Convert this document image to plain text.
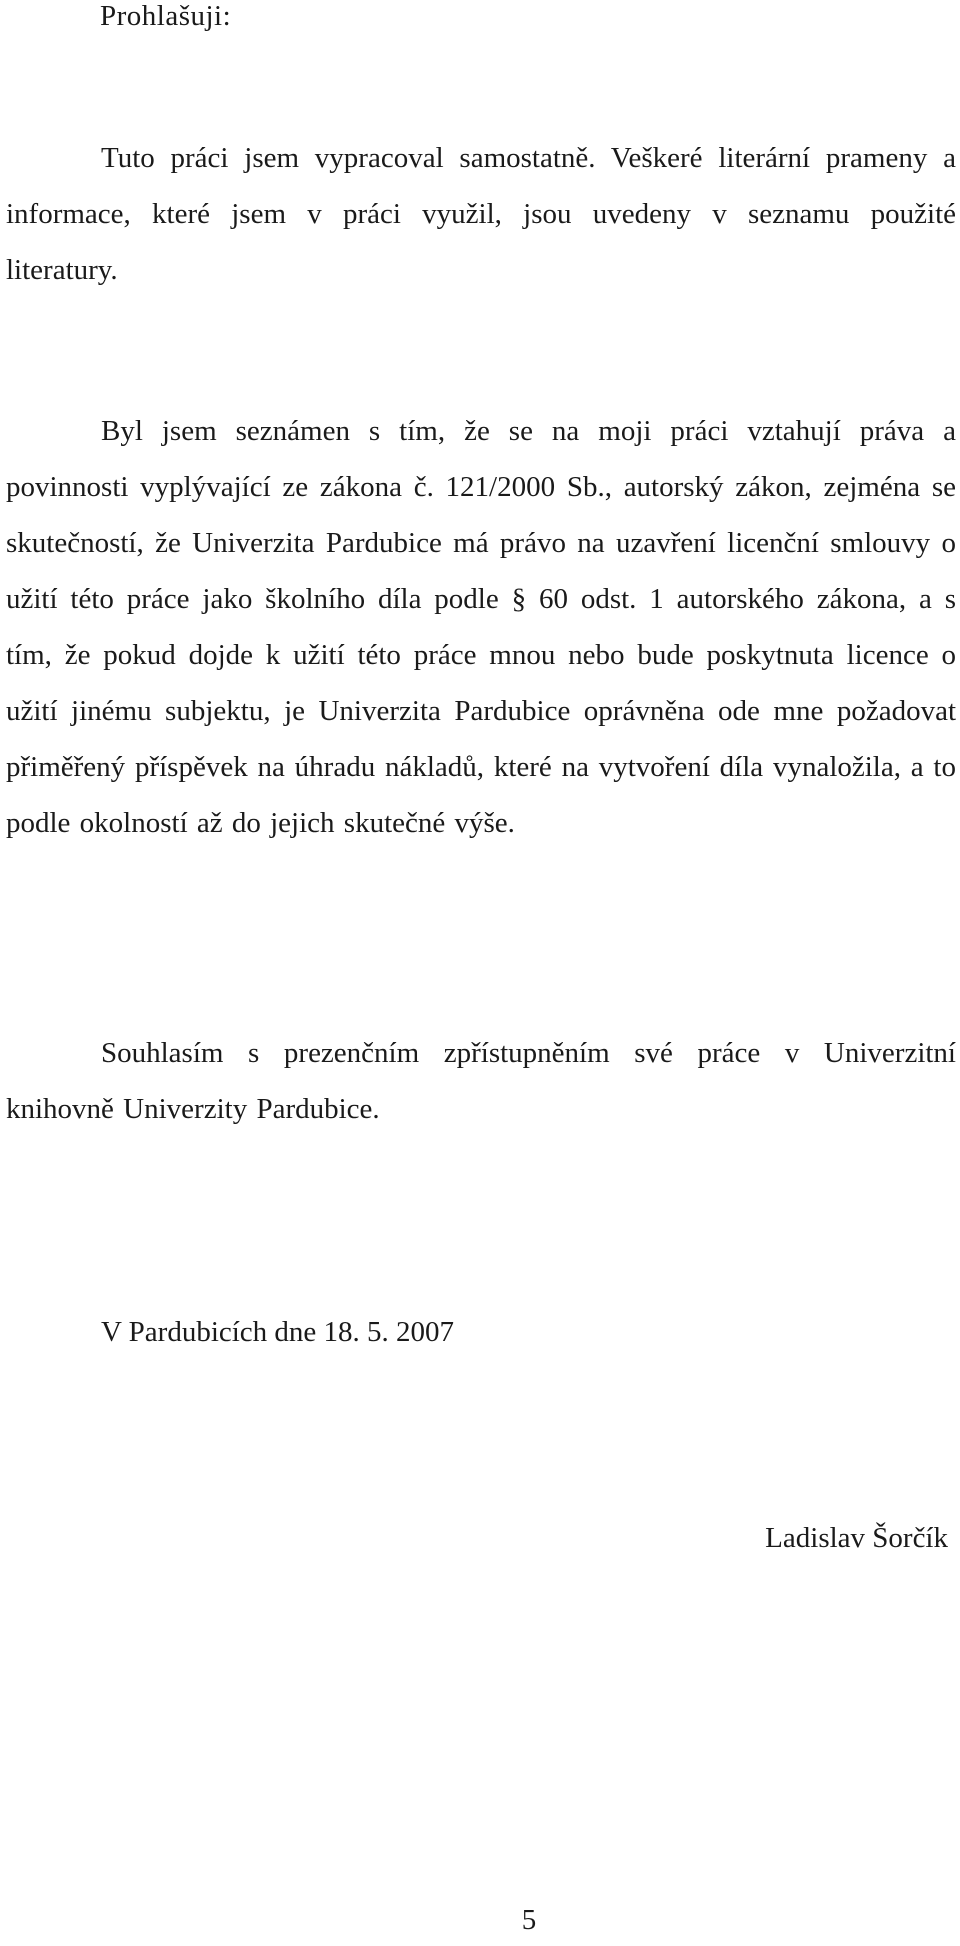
Prohlašuji:

Tuto práci jsem vypracoval samostatně. Veškeré literární prameny a informace, které jsem v práci využil, jsou uvedeny v seznamu použité literatury.

Byl jsem seznámen s tím, že se na moji práci vztahují práva a povinnosti vyplývající ze zákona č. 121/2000 Sb., autorský zákon, zejména se skutečností, že Univerzita Pardubice má právo na uzavření licenční smlouvy o užití této práce jako školního díla podle § 60 odst. 1 autorského zákona, a s tím, že pokud dojde k užití této práce mnou nebo bude poskytnuta licence o užití jinému subjektu, je Univerzita Pardubice oprávněna ode mne požadovat přiměřený příspěvek na úhradu nákladů, které na vytvoření díla vynaložila, a to podle okolností až do jejich skutečné výše.

Souhlasím s prezenčním zpřístupněním své práce v Univerzitní knihovně Univerzity Pardubice.

V Pardubicích dne 18. 5. 2007

Ladislav Šorčík

5
